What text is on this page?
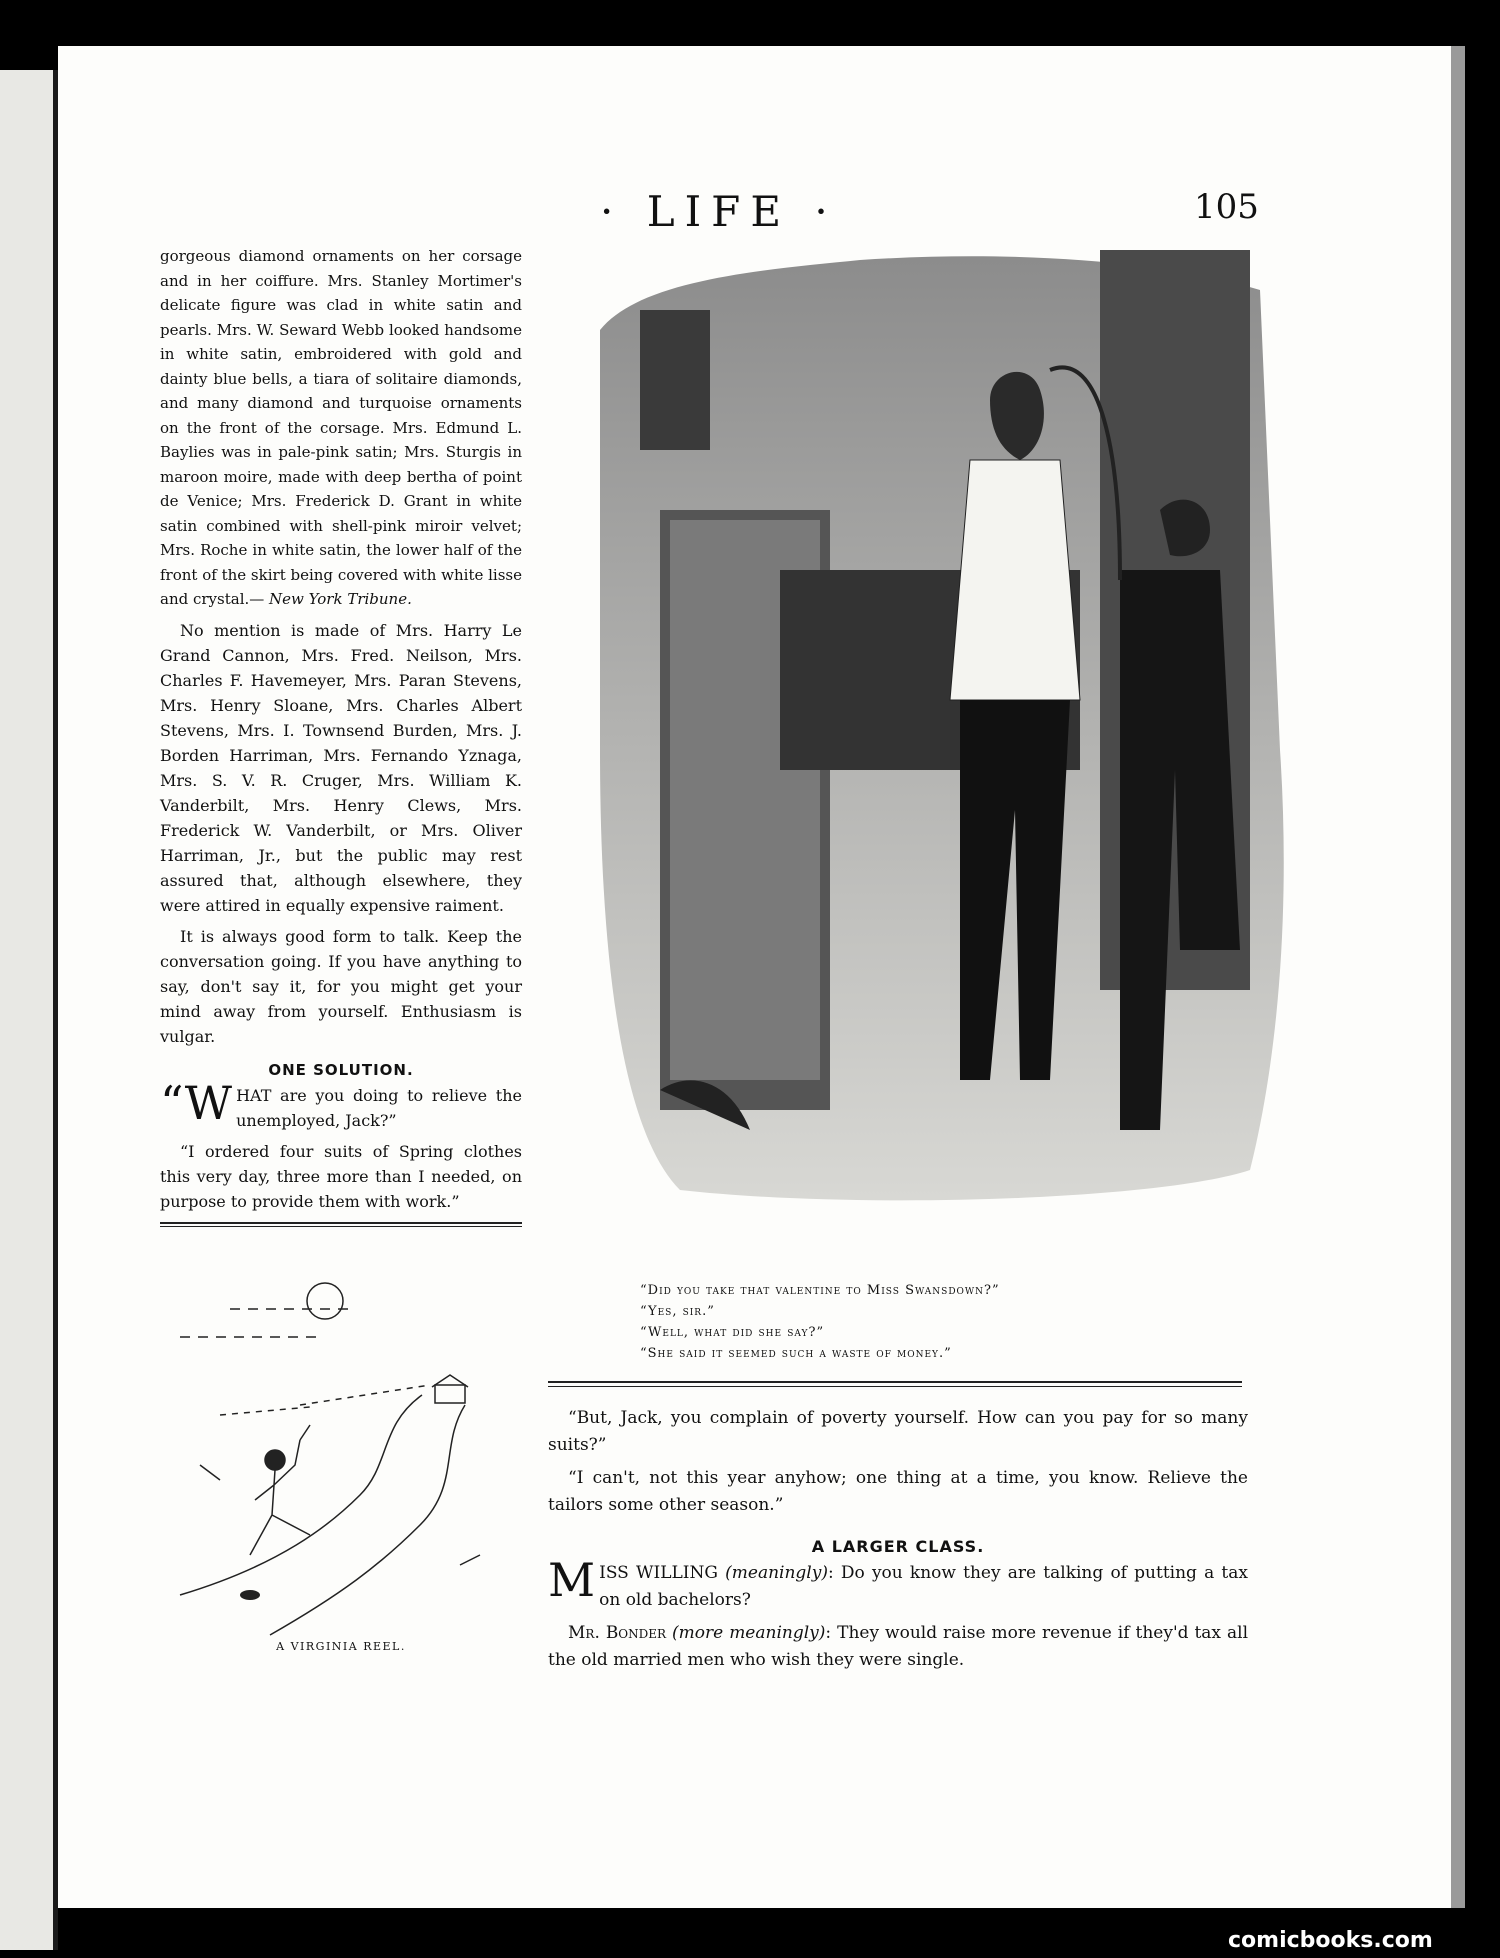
· LIFE ·	105

gorgeous diamond ornaments on her corsage and in her coiffure. Mrs. Stanley Mortimer's delicate figure was clad in white satin and pearls. Mrs. W. Seward Webb looked handsome in white satin, embroidered with gold and dainty blue bells, a tiara of solitaire diamonds, and many diamond and turquoise ornaments on the front of the corsage. Mrs. Edmund L. Baylies was in pale-pink satin; Mrs. Sturgis in maroon moire, made with deep bertha of point de Venice; Mrs. Frederick D. Grant in white satin combined with shell-pink miroir velvet; Mrs. Roche in white satin, the lower half of the front of the skirt being covered with white lisse and crystal.— New York Tribune.

No mention is made of Mrs. Harry Le Grand Cannon, Mrs. Fred. Neilson, Mrs. Charles F. Havemeyer, Mrs. Paran Stevens, Mrs. Henry Sloane, Mrs. Charles Albert Stevens, Mrs. I. Townsend Burden, Mrs. J. Borden Harriman, Mrs. Fernando Yznaga, Mrs. S. V. R. Cruger, Mrs. William K. Vanderbilt, Mrs. Henry Clews, Mrs. Frederick W. Vanderbilt, or Mrs. Oliver Harriman, Jr., but the public may rest assured that, although elsewhere, they were attired in equally expensive raiment.

It is always good form to talk. Keep the conversation going. If you have anything to say, don't say it, for you might get your mind away from yourself. Enthusiasm is vulgar.

ONE SOLUTION.

“W HAT are you doing to relieve the unemployed, Jack?”

“I ordered four suits of Spring clothes this very day, three more than I needed, on purpose to provide them with work.”

A VIRGINIA REEL.
“Did you take that valentine to Miss Swansdown?”
“Yes, sir.”
“Well, what did she say?”
“She said it seemed such a waste of money.”

“But, Jack, you complain of poverty yourself. How can you pay for so many suits?”

“I can't, not this year anyhow; one thing at a time, you know. Relieve the tailors some other season.”

A LARGER CLASS.

M ISS WILLING (meaningly): Do you know they are talking of putting a tax on old bachelors?

Mr. Bonder (more meaningly): They would raise more revenue if they'd tax all the old married men who wish they were single.

comicbooks.com
